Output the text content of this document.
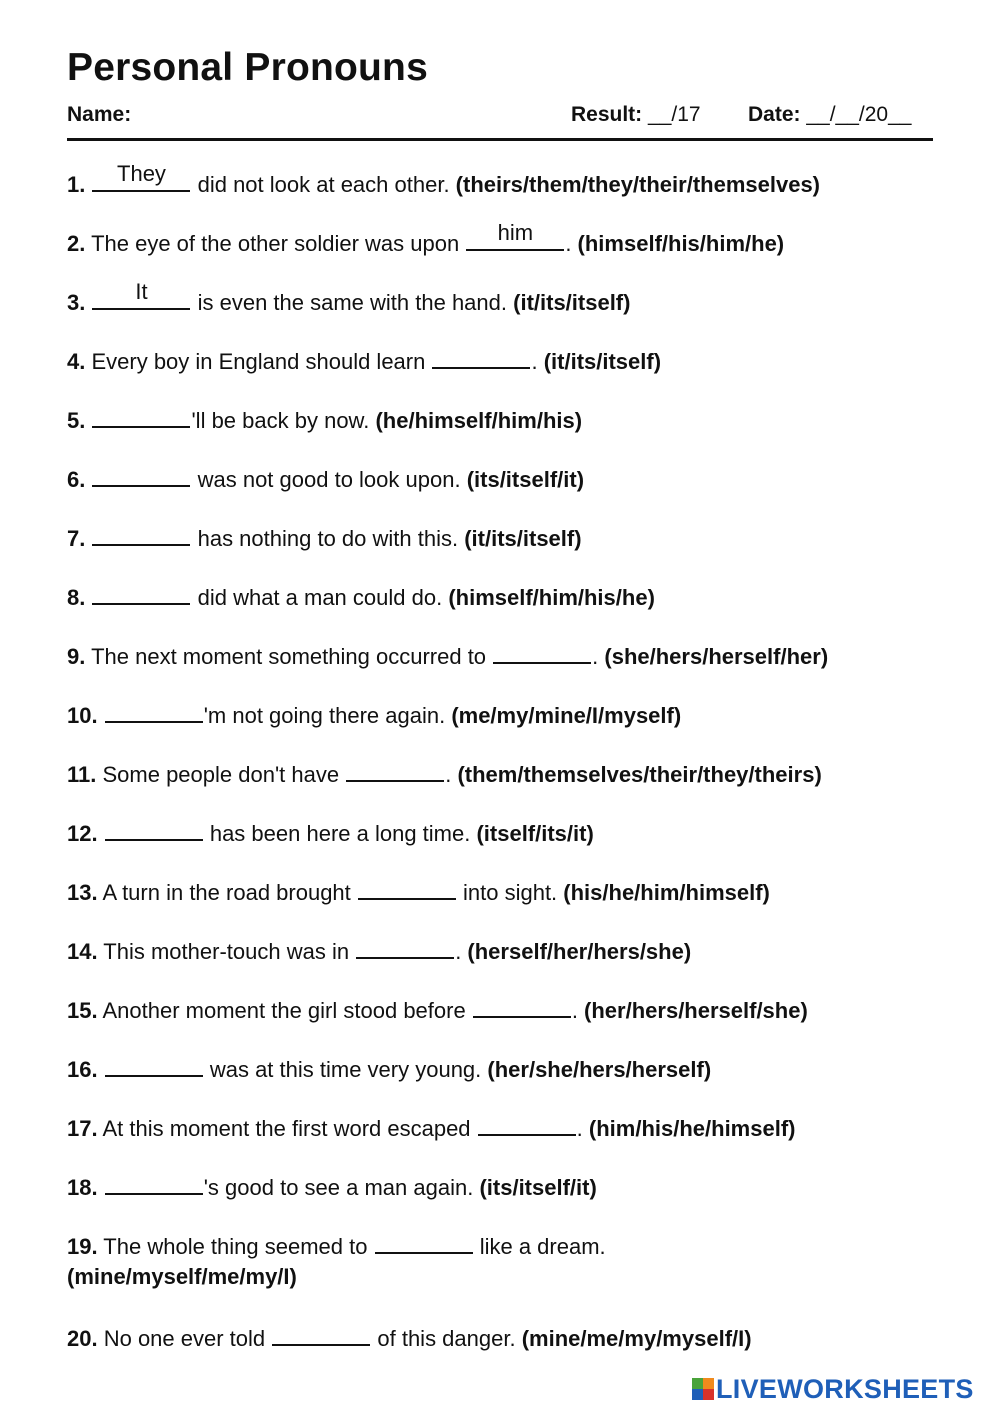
Personal Pronouns
Name:	Result: __/17 Date: __/__/20__
1.	They	did not look at each other. (theirs/them/they/their/themselves)
2. The eye of the other soldier was upon	him	. (himself/his/him/he)
3.	It	is even the same with the hand. (it/its/itself)
4. Every boy in England should learn	. (it/its/itself)
5.	'll be back by now. (he/himself/him/his)
6.	was not good to look upon. (its/itself/it)
7.	has nothing to do with this. (it/its/itself)
8.	did what a man could do. (himself/him/his/he)
9. The next moment something occurred to	. (she/hers/herself/her)
10.	'm not going there again. (me/my/mine/I/myself)
11. Some people don't have	. (them/themselves/their/they/theirs)
12.	has been here a long time. (itself/its/it)
13. A turn in the road brought	into sight. (his/he/him/himself)
14. This mother-touch was in	. (herself/her/hers/she)
15. Another moment the girl stood before	. (her/hers/herself/she)
16.	was at this time very young. (her/she/hers/herself)
17. At this moment the first word escaped	. (him/his/he/himself)
18.	's good to see a man again. (its/itself/it)
19. The whole thing seemed to	like a dream.
(mine/myself/me/my/I)
20. No one ever told	of this danger. (mine/me/my/myself/I)
LIVEWORKSHEETS
